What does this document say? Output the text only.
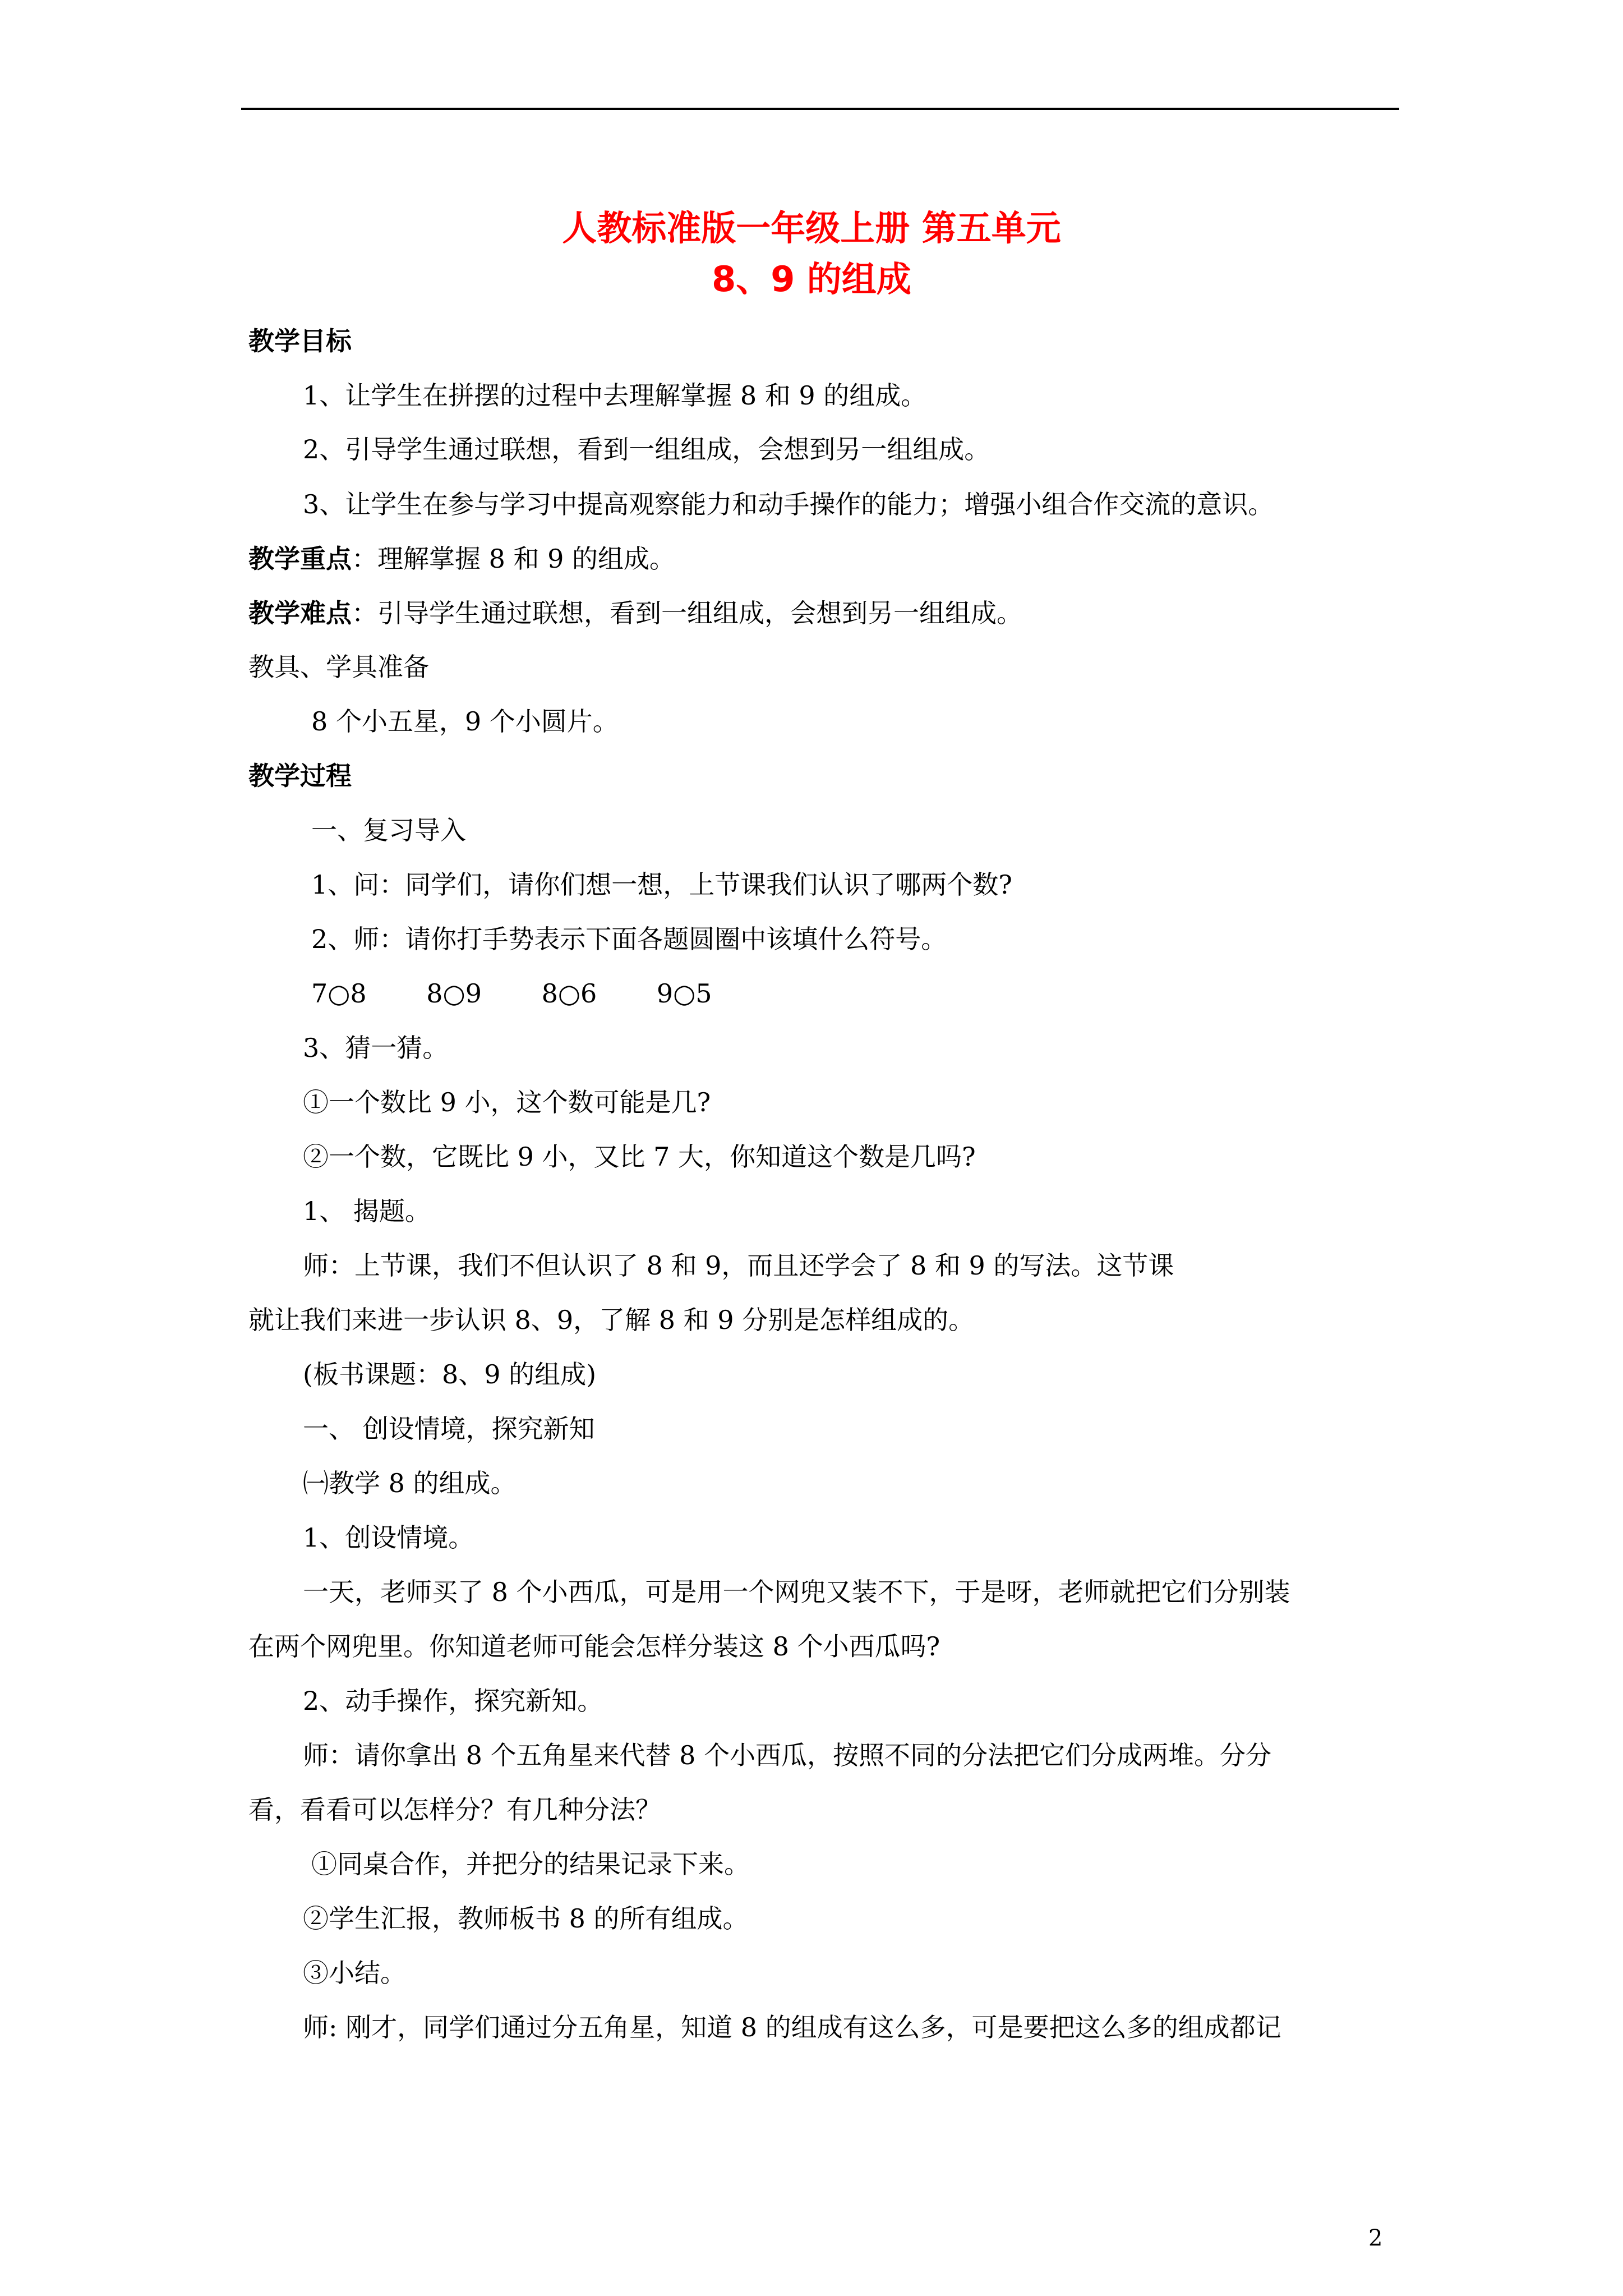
人教标准版一年级上册 第五单元
8、9 的组成
教学目标
1、让学生在拼摆的过程中去理解掌握 8 和 9 的组成。
2、引导学生通过联想，看到一组组成，会想到另一组组成。
3、让学生在参与学习中提高观察能力和动手操作的能力；增强小组合作交流的意识。
教学重点：理解掌握 8 和 9 的组成。
教学难点：引导学生通过联想，看到一组组成，会想到另一组组成。
教具、学具准备
8 个小五星，9 个小圆片。
教学过程
一、复习导入
1、问：同学们，请你们想一想，上节课我们认识了哪两个数?
2、师：请你打手势表示下面各题圆圈中该填什么符号。
7○8　　 8○9　　 8○6　　 9○5
3、猜一猜。
①一个数比 9 小，这个数可能是几?
②一个数，它既比 9 小，又比 7 大，你知道这个数是几吗?
1、 揭题。
师：上节课，我们不但认识了 8 和 9，而且还学会了 8 和 9 的写法。这节课
就让我们来进一步认识 8、9，了解 8 和 9 分别是怎样组成的。
(板书课题：8、9 的组成)
一、 创设情境，探究新知
㈠教学 8 的组成。
1、创设情境。
一天，老师买了 8 个小西瓜，可是用一个网兜又装不下，于是呀，老师就把它们分别装
在两个网兜里。你知道老师可能会怎样分装这 8 个小西瓜吗?
2、动手操作，探究新知。
师：请你拿出 8 个五角星来代替 8 个小西瓜，按照不同的分法把它们分成两堆。分分
看，看看可以怎样分？有几种分法？
①同桌合作，并把分的结果记录下来。
②学生汇报，教师板书 8 的所有组成。
③小结。
师: 刚才，同学们通过分五角星，知道 8 的组成有这么多，可是要把这么多的组成都记
2
